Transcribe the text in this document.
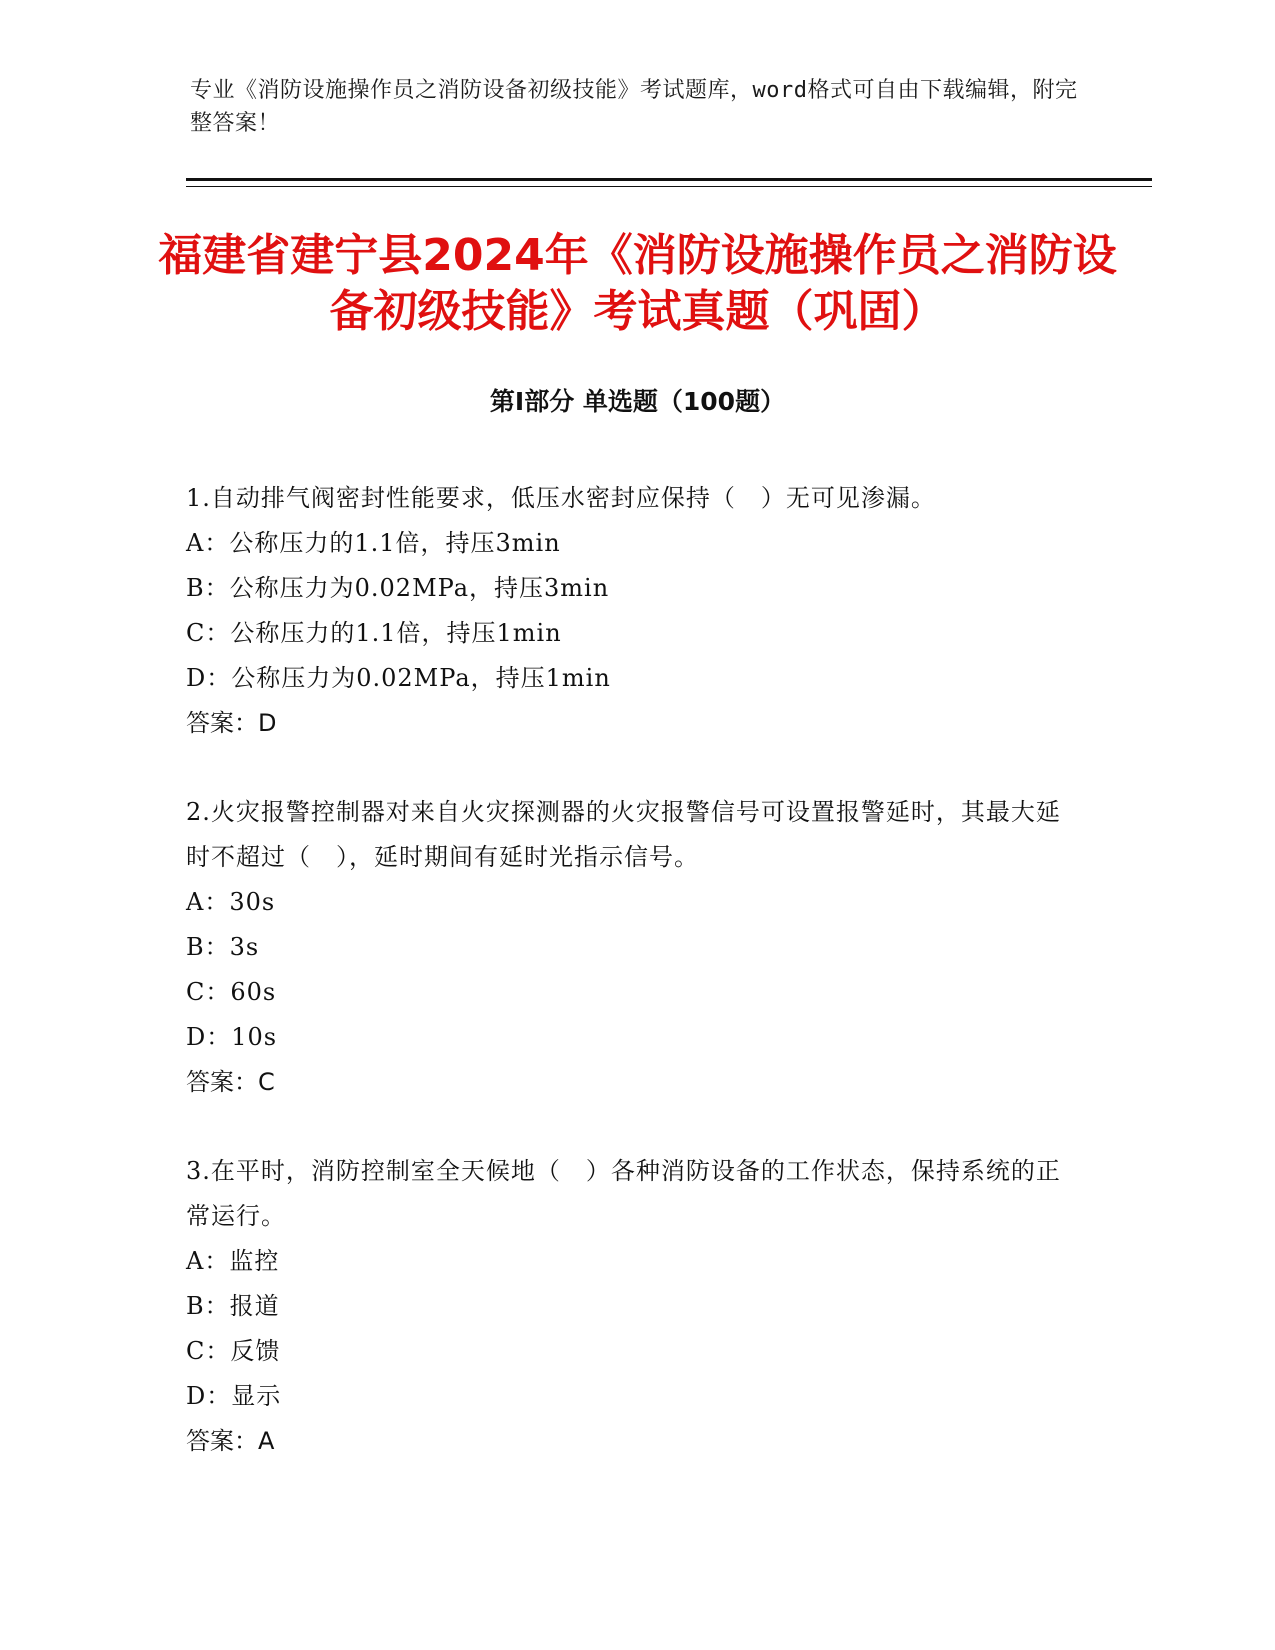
专业《消防设施操作员之消防设备初级技能》考试题库，word格式可自由下载编辑，附完整答案！
福建省建宁县2024年《消防设施操作员之消防设备初级技能》考试真题（巩固）
第Ⅰ部分 单选题（100题）

1.自动排气阀密封性能要求，低压水密封应保持（　）无可见渗漏。

A：公称压力的1.1倍，持压3min

B：公称压力为0.02MPa，持压3min

C：公称压力的1.1倍，持压1min

D：公称压力为0.02MPa，持压1min

答案：D

2.火灾报警控制器对来自火灾探测器的火灾报警信号可设置报警延时，其最大延时不超过（　），延时期间有延时光指示信号。

A：30s

B：3s

C：60s

D：10s

答案：C

3.在平时，消防控制室全天候地（　）各种消防设备的工作状态，保持系统的正常运行。

A：监控

B：报道

C：反馈

D：显示

答案：A
